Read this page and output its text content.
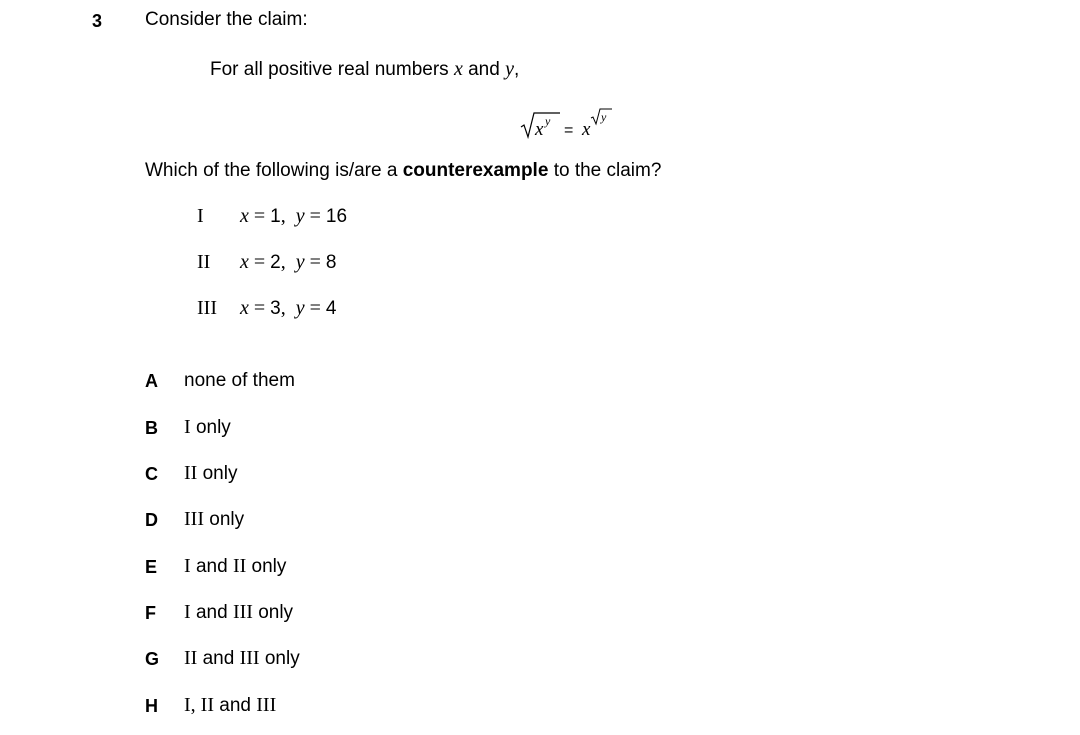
3 Consider the claim:
For all positive real numbers x and y,
x y
= x
y
Which of the following is/are a counterexample to the claim?
I x = 1,  y = 16
II x = 2,  y = 8
III x = 3,  y = 4
A none of them
B I only
C II only
D III only
E I and II only
F I and III only
G II and III only
H I, II and III
